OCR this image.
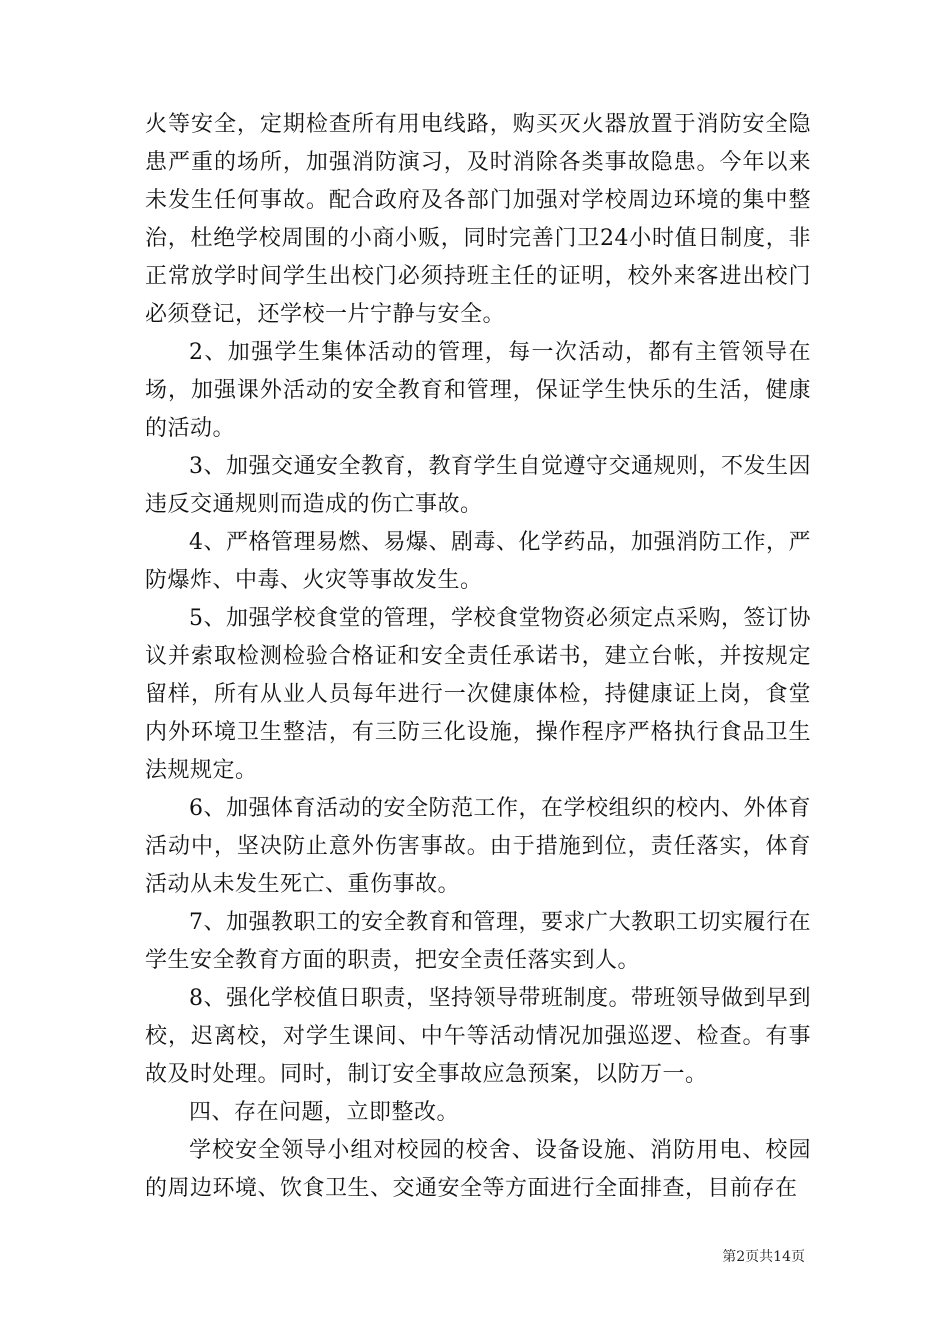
火等安全，定期检查所有用电线路，购买灭火器放置于消防安全隐患严重的场所，加强消防演习，及时消除各类事故隐患。今年以来未发生任何事故。配合政府及各部门加强对学校周边环境的集中整治，杜绝学校周围的小商小贩，同时完善门卫24小时值日制度，非正常放学时间学生出校门必须持班主任的证明，校外来客进出校门必须登记，还学校一片宁静与安全。

2、加强学生集体活动的管理，每一次活动，都有主管领导在场，加强课外活动的安全教育和管理，保证学生快乐的生活，健康的活动。

3、加强交通安全教育，教育学生自觉遵守交通规则，不发生因违反交通规则而造成的伤亡事故。

4、严格管理易燃、易爆、剧毒、化学药品，加强消防工作，严防爆炸、中毒、火灾等事故发生。

5、加强学校食堂的管理，学校食堂物资必须定点采购，签订协议并索取检测检验合格证和安全责任承诺书，建立台帐，并按规定留样，所有从业人员每年进行一次健康体检，持健康证上岗，食堂内外环境卫生整洁，有三防三化设施，操作程序严格执行食品卫生法规规定。

6、加强体育活动的安全防范工作，在学校组织的校内、外体育活动中，坚决防止意外伤害事故。由于措施到位，责任落实，体育活动从未发生死亡、重伤事故。

7、加强教职工的安全教育和管理，要求广大教职工切实履行在学生安全教育方面的职责，把安全责任落实到人。

8、强化学校值日职责，坚持领导带班制度。带班领导做到早到校，迟离校，对学生课间、中午等活动情况加强巡逻、检查。有事故及时处理。同时，制订安全事故应急预案，以防万一。

四、存在问题，立即整改。

学校安全领导小组对校园的校舍、设备设施、消防用电、校园的周边环境、饮食卫生、交通安全等方面进行全面排查，目前存在

第2页共14页
